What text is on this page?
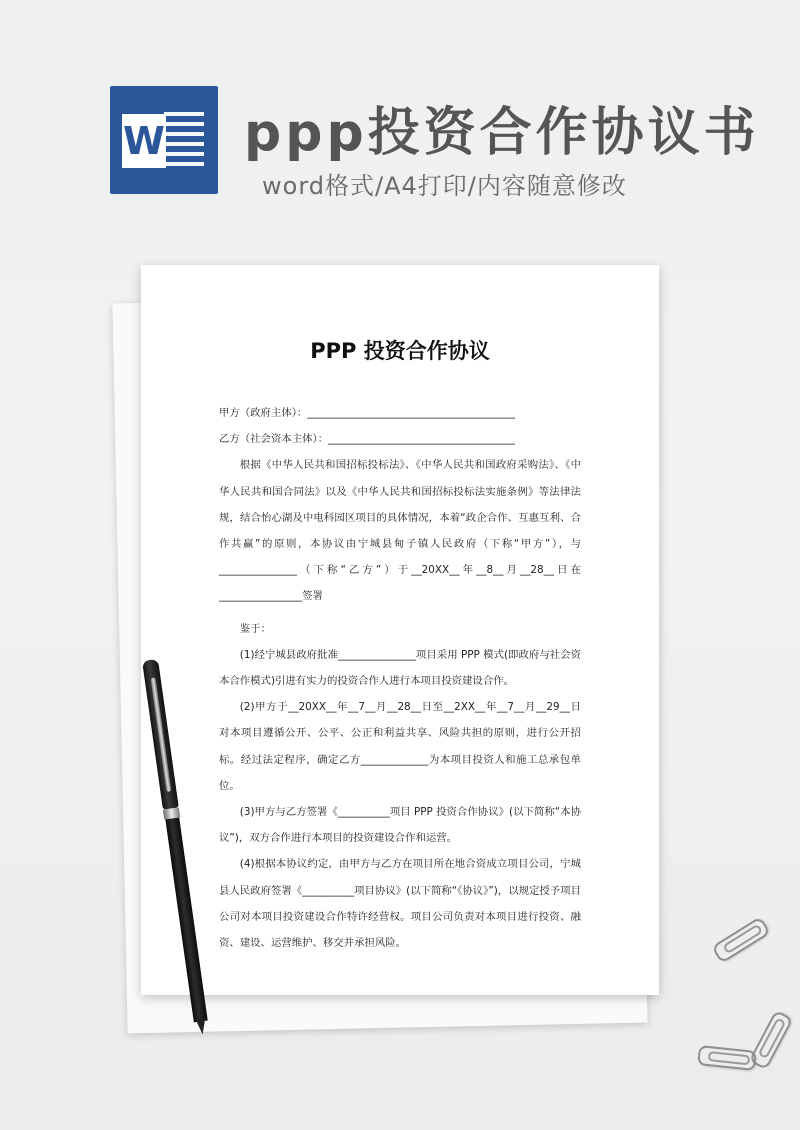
W ppp投资合作协议书
word格式/A4打印/内容随意修改
PPP 投资合作协议

甲方（政府主体）：________________________________________

乙方（社会资本主体）：____________________________________

根据《中华人民共和国招标投标法》、《中华人民共和国政府采购法》、《中华人民共和国合同法》以及《中华人民共和国招标投标法实施条例》等法律法规，结合怡心湖及中电科园区项目的具体情况，本着“政企合作、互惠互利、合作共赢”的原则，本协议由宁城县甸子镇人民政府（下称“甲方”），与_______________（下称“乙方”）于__20XX__年__8__月__28__日在________________签署

鉴于：

(1)经宁城县政府批准_______________项目采用 PPP 模式(即政府与社会资本合作模式)引进有实力的投资合作人进行本项目投资建设合作。

(2)甲方于__20XX__年__7__月__28__日至__2XX__年__7__月__29__日对本项目遵循公开、公平、公正和利益共享、风险共担的原则，进行公开招标。经过法定程序，确定乙方_____________为本项目投资人和施工总承包单位。

(3)甲方与乙方签署《__________项目 PPP 投资合作协议》(以下简称“本协议”)，双方合作进行本项目的投资建设合作和运营。

(4)根据本协议约定，由甲方与乙方在项目所在地合资成立项目公司，宁城县人民政府签署《__________项目协议》(以下简称“《协议》”)，以规定授予项目公司对本项目投资建设合作特许经营权。项目公司负责对本项目进行投资、融资、建设、运营维护、移交并承担风险。
